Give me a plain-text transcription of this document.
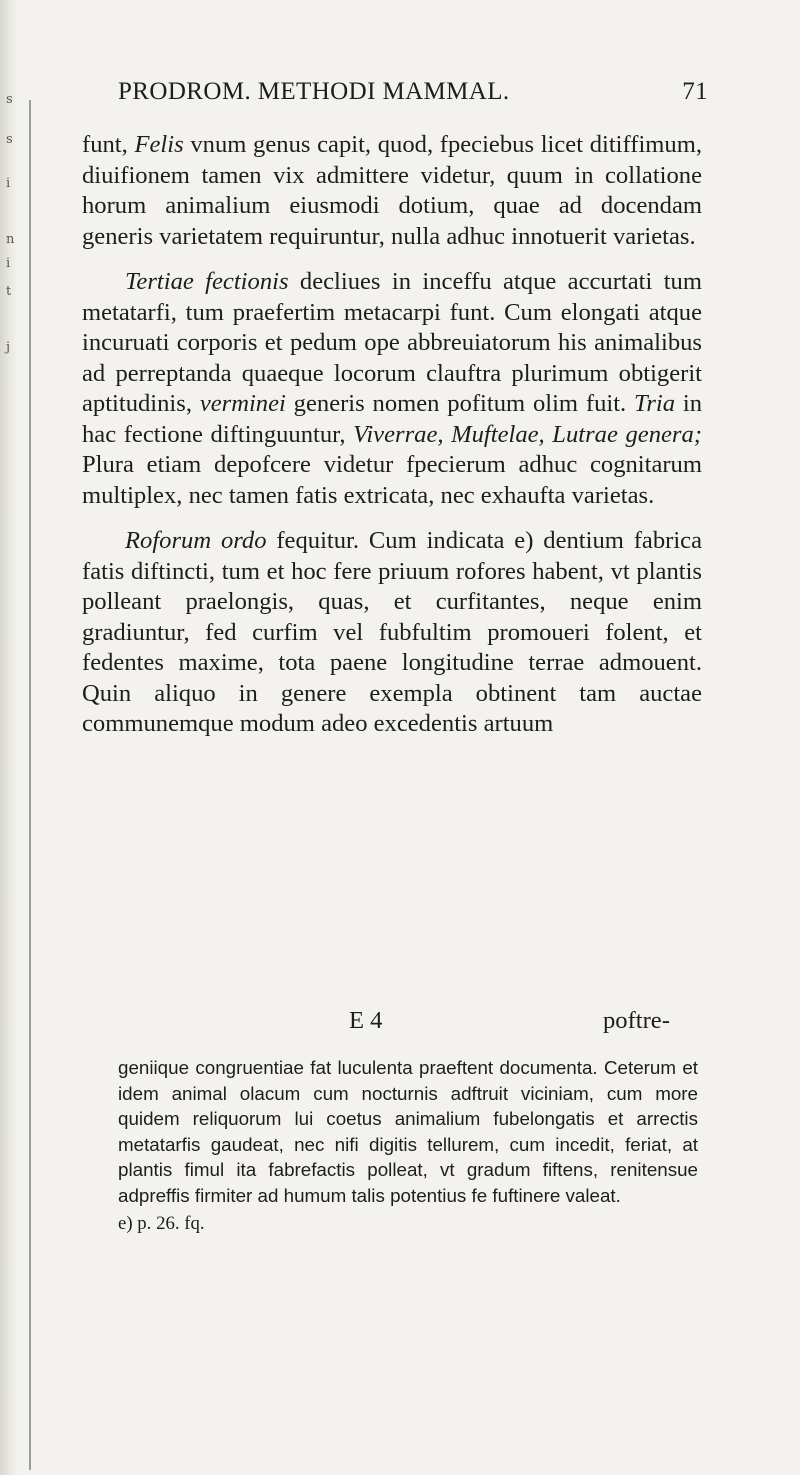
s
s
i
n
i
t
j
PRODROM. METHODI MAMMAL.	71

funt, Felis vnum genus capit, quod, fpeciebus licet ditiffimum, diuifionem tamen vix admittere videtur, quum in collatione horum animalium eiusmodi dotium, quae ad docendam generis varietatem requiruntur, nulla adhuc innotuerit varietas.

Tertiae fectionis decliues in inceffu atque accurtati tum metatarfi, tum praefertim metacarpi funt. Cum elongati atque incuruati corporis et pedum ope abbreuiatorum his animalibus ad perreptanda quaeque locorum clauftra plurimum obtigerit aptitudinis, verminei generis nomen pofitum olim fuit. Tria in hac fectione diftinguuntur, Viverrae, Muftelae, Lutrae genera; Plura etiam depofcere videtur fpecierum adhuc cognitarum multiplex, nec tamen fatis extricata, nec exhaufta varietas.

Roforum ordo fequitur. Cum indicata e) dentium fabrica fatis diftincti, tum et hoc fere priuum rofores habent, vt plantis polleant praelongis, quas, et curfitantes, neque enim gradiuntur, fed curfim vel fubfultim promoueri folent, et fedentes maxime, tota paene longitudine terrae admouent. Quin aliquo in genere exempla obtinent tam auctae communemque modum adeo excedentis artuum

E 4	poftre-

geniique congruentiae fat luculenta praeftent documenta. Ceterum et idem animal olacum cum nocturnis adftruit viciniam, cum more quidem reliquorum lui coetus animalium fubelongatis et arrectis metatarfis gaudeat, nec nifi digitis tellurem, cum incedit, feriat, at plantis fimul ita fabrefactis polleat, vt gradum fiftens, renitensue adpreffis firmiter ad humum talis potentius fe fuftinere valeat.

e) p. 26. fq.
